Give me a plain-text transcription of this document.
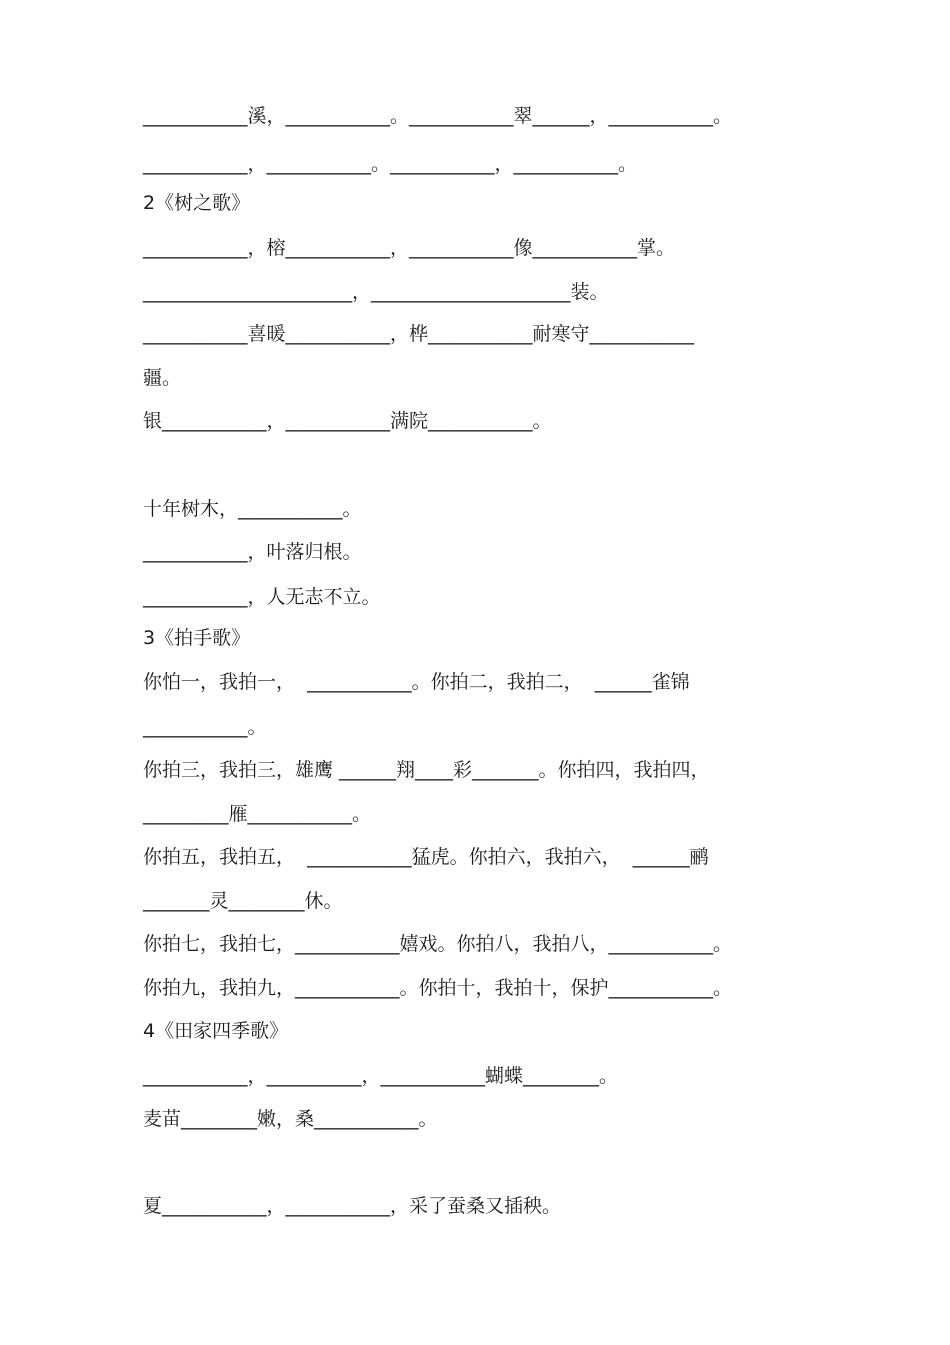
___________溪，___________。___________翠______，___________。
___________，___________。___________，___________。
2《树之歌》
___________，榕___________，___________像___________掌。
______________________，_____________________装。
___________喜暖___________，桦___________耐寒守___________
疆。
银___________，___________满院___________。
十年树木，___________。
___________，叶落归根。
___________，人无志不立。
3《拍手歌》
你怕一，我拍一，  ___________。你拍二，我拍二，  ______雀锦
___________。
你拍三，我拍三，雄鹰 ______翔____彩_______。你拍四，我拍四，
_________雁___________。
你拍五，我拍五，  ___________猛虎。你拍六，我拍六，  ______鹂
_______灵________休。
你拍七，我拍七，___________嬉戏。你拍八，我拍八，___________。
你拍九，我拍九，___________。你拍十，我拍十，保护___________。
4《田家四季歌》
___________，__________，___________蝴蝶________。
麦苗________嫩，桑___________。
夏___________，___________，采了蚕桑又插秧。
